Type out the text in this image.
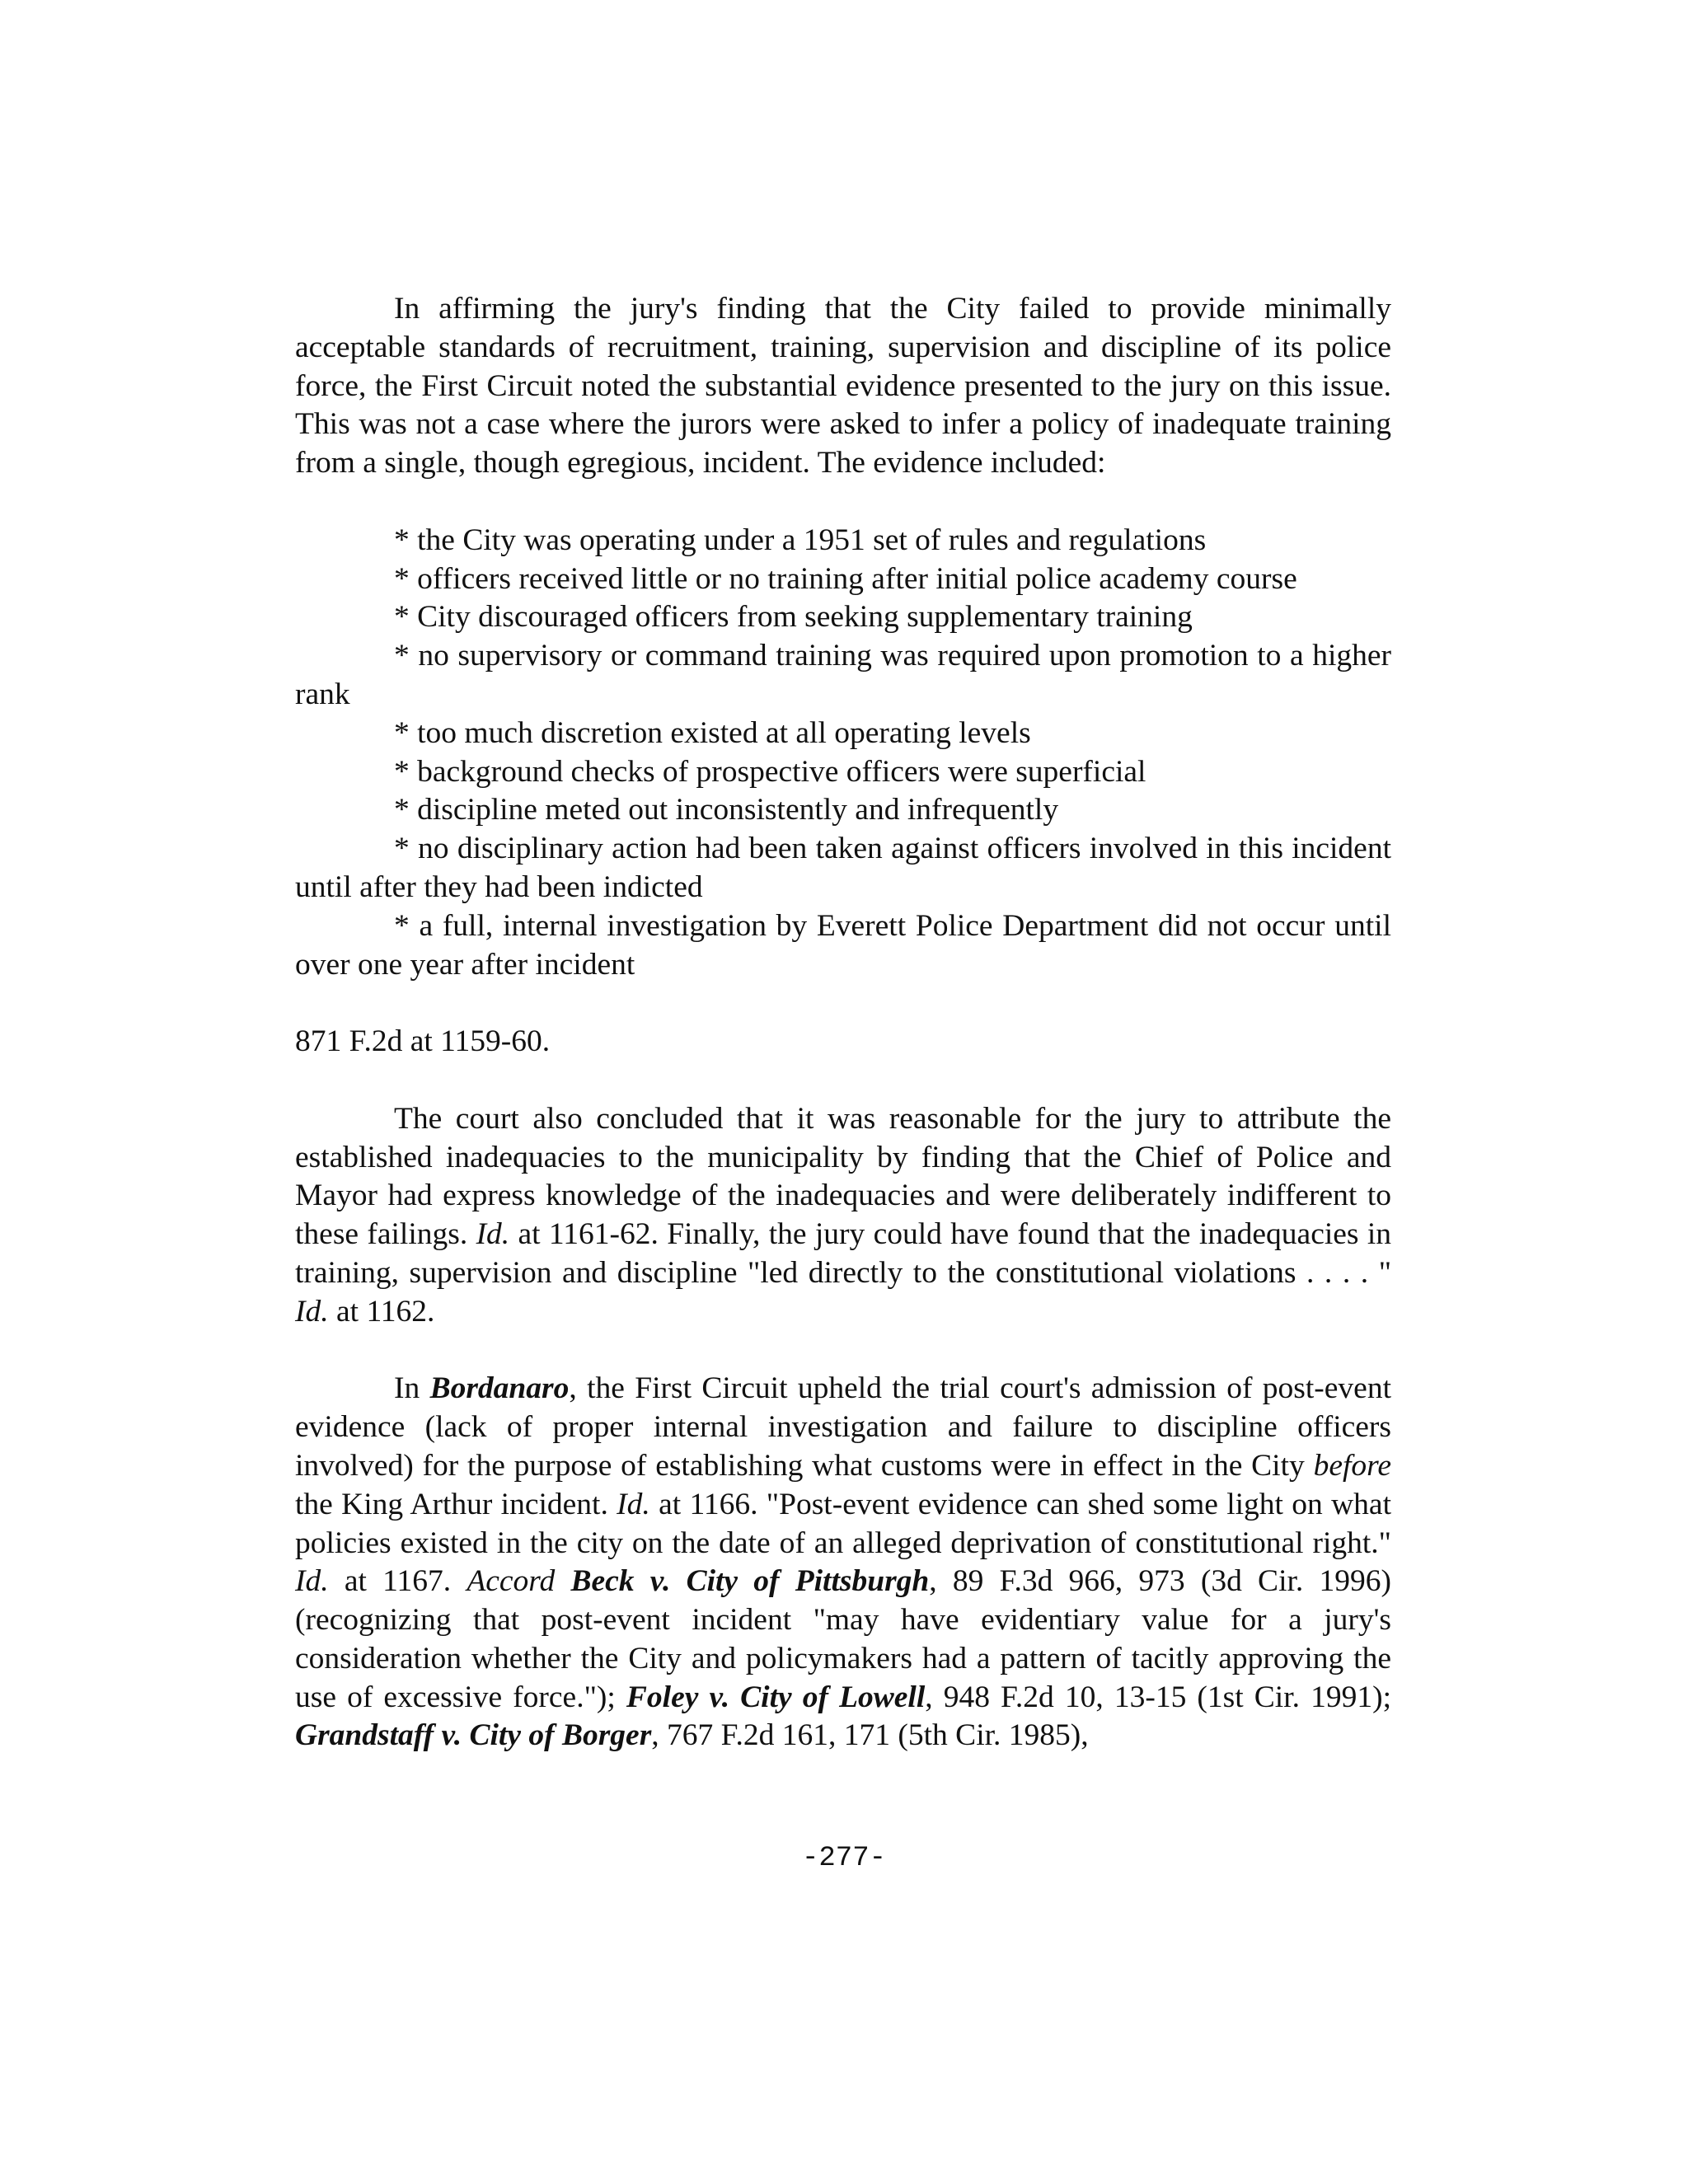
In affirming the jury's finding that the City failed to provide minimally acceptable standards of recruitment, training, supervision and discipline of its police force, the First Circuit noted the substantial evidence presented to the jury on this issue. This was not a case where the jurors were asked to infer a policy of inadequate training from a single, though egregious, incident. The evidence included:

* the City was operating under a 1951 set of rules and regulations

* officers received little or no training after initial police academy course

* City discouraged officers from seeking supplementary training

* no supervisory or command training was required upon promotion to a higher rank

* too much discretion existed at all operating levels

* background checks of prospective officers were superficial

* discipline meted out inconsistently and infrequently

* no disciplinary action had been taken against officers involved in this incident until after they had been indicted

* a full, internal investigation by Everett Police Department did not occur until over one year after incident

871 F.2d at 1159-60.

The court also concluded that it was reasonable for the jury to attribute the established inadequacies to the municipality by finding that the Chief of Police and Mayor had express knowledge of the inadequacies and were deliberately indifferent to these failings. Id. at 1161-62. Finally, the jury could have found that the inadequacies in training, supervision and discipline "led directly to the constitutional violations . . . . " Id. at 1162.

In Bordanaro, the First Circuit upheld the trial court's admission of post-event evidence (lack of proper internal investigation and failure to discipline officers involved) for the purpose of establishing what customs were in effect in the City before the King Arthur incident. Id. at 1166. "Post-event evidence can shed some light on what policies existed in the city on the date of an alleged deprivation of constitutional right." Id. at 1167. Accord Beck v. City of Pittsburgh, 89 F.3d 966, 973 (3d Cir. 1996) (recognizing that post-event incident "may have evidentiary value for a jury's consideration whether the City and policymakers had a pattern of tacitly approving the use of excessive force."); Foley v. City of Lowell, 948 F.2d 10, 13-15 (1st Cir. 1991); Grandstaff v. City of Borger, 767 F.2d 161, 171 (5th Cir. 1985),

-277-
